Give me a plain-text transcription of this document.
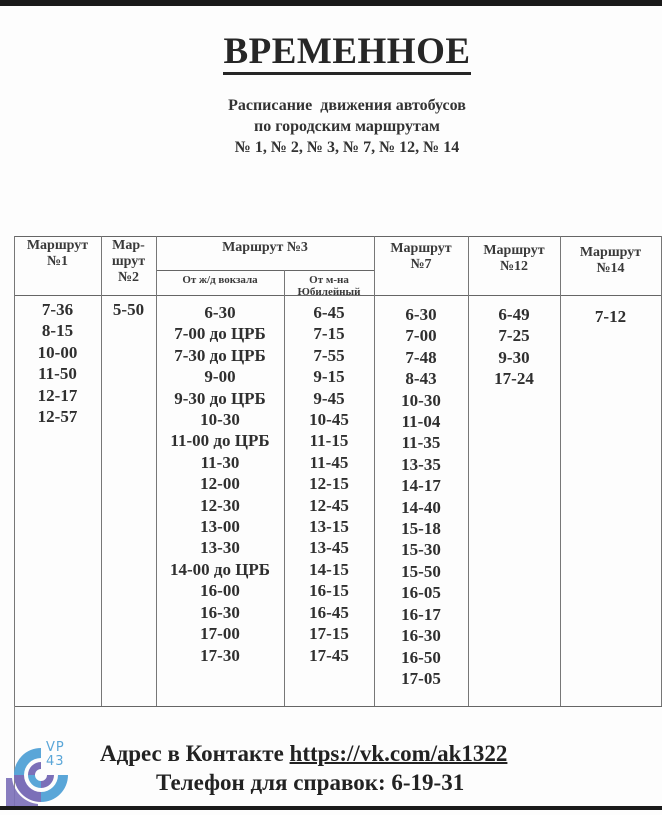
ВРЕМЕННОЕ
Расписание  движения автобусов
по городским маршрутам
№ 1, № 2, № 3, № 7, № 12, № 14
Маршрут
№1
Мар-
шрут
№2
Маршрут №3
От ж/д вокзала	От м-на
Юбилейный
Маршрут
№7
Маршрут
№12
Маршрут
№14
7-36
8-15
10-00
11-50
12-17
12-57
5-50	6-30
7-00 до ЦРБ
7-30 до ЦРБ
9-00
9-30 до ЦРБ
10-30
11-00 до ЦРБ
11-30
12-00
12-30
13-00
13-30
14-00 до ЦРБ
16-00
16-30
17-00
17-30
6-45
7-15
7-55
9-15
9-45
10-45
11-15
11-45
12-15
12-45
13-15
13-45
14-15
16-15
16-45
17-15
17-45
6-30
7-00
7-48
8-43
10-30
11-04
11-35
13-35
14-17
14-40
15-18
15-30
15-50
16-05
16-17
16-30
16-50
17-05
6-49
7-25
9-30
17-24
7-12
Адрес в Контакте https://vk.com/ak1322
Телефон для справок: 6-19-31
VP
43
